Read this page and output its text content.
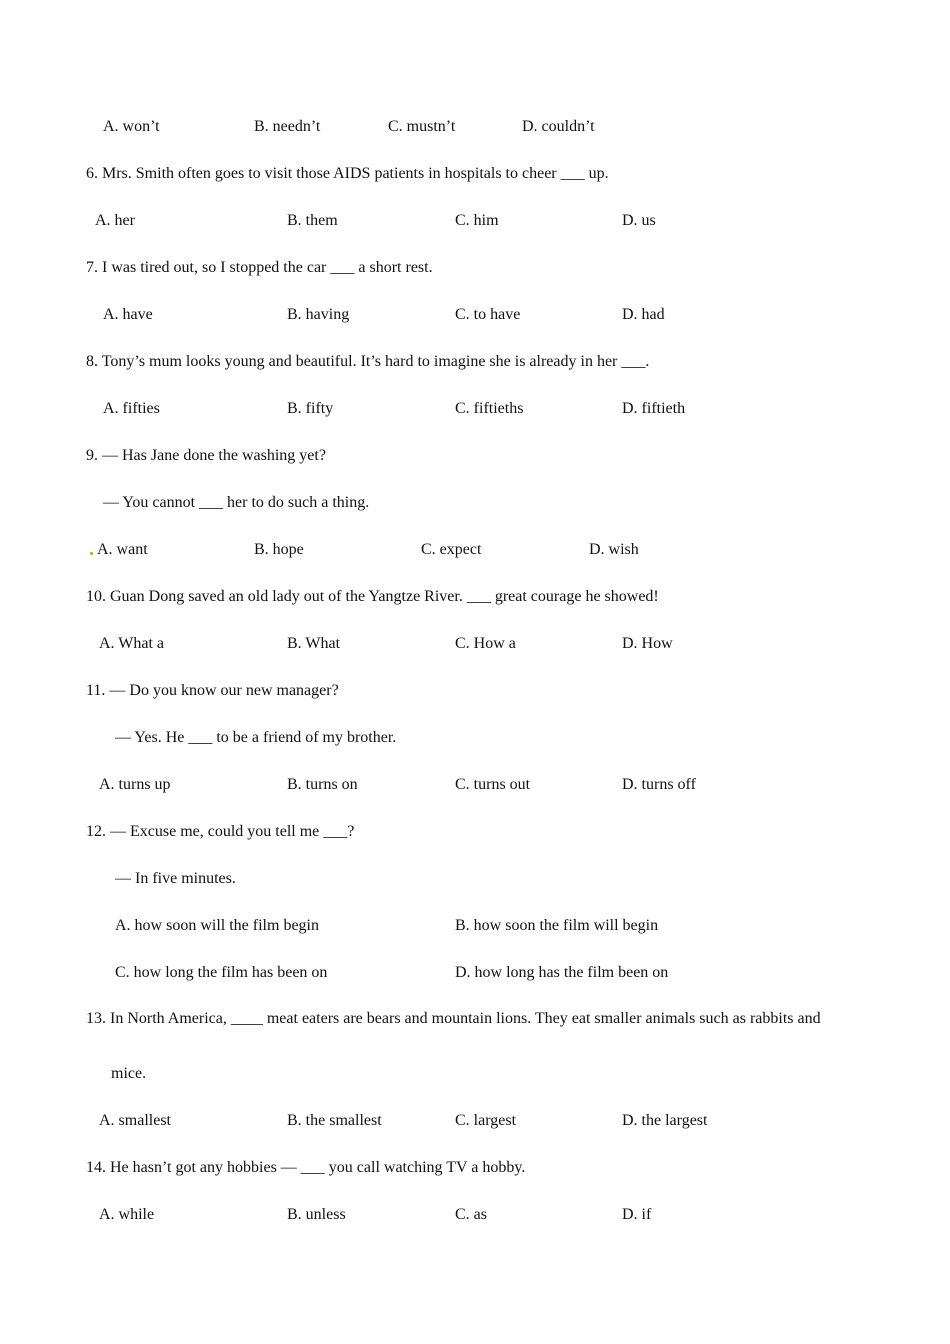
A. won’t	B. needn’t	C. mustn’t	D. couldn’t
6. Mrs. Smith often goes to visit those AIDS patients in hospitals to cheer ___ up.
A. her	B. them	C. him	D. us
7. I was tired out, so I stopped the car ___ a short rest.
A. have	B. having	C. to have	D. had
8. Tony’s mum looks young and beautiful. It’s hard to imagine she is already in her ___.
A. fifties	B. fifty	C. fiftieths	D. fiftieth
9. — Has Jane done the washing yet?
— You cannot ___ her to do such a thing.
A. want	B. hope	C. expect	D. wish
10. Guan Dong saved an old lady out of the Yangtze River. ___ great courage he showed!
A. What a	B. What	C. How a	D. How
11. — Do you know our new manager?
— Yes. He ___ to be a friend of my brother.
A. turns up	B. turns on	C. turns out	D. turns off
12. — Excuse me, could you tell me ___?
— In five minutes.
A. how soon will the film begin	B. how soon the film will begin
C. how long the film has been on	D. how long has the film been on
13. In North America, ____ meat eaters are bears and mountain lions. They eat smaller animals such as rabbits and
mice.
A. smallest	B. the smallest	C. largest	D. the largest
14. He hasn’t got any hobbies — ___ you call watching TV a hobby.
A. while	B. unless	C. as	D. if
